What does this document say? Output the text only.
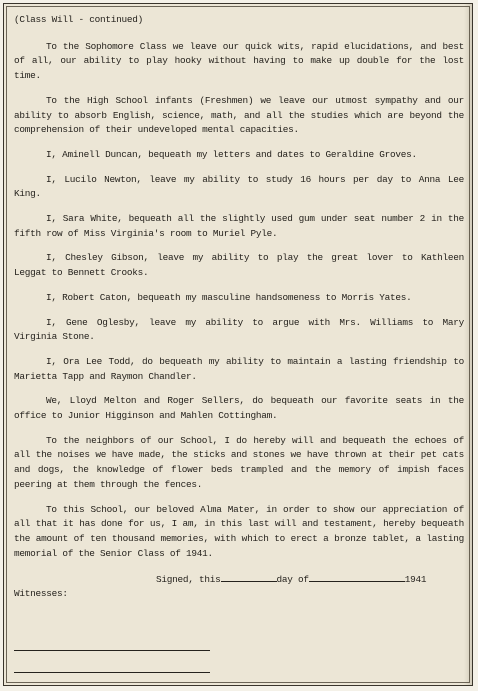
(Class Will - continued)

To the Sophomore Class we leave our quick wits, rapid elucidations, and best of all, our ability to play hooky without having to make up double for the lost time.

To the High School infants (Freshmen) we leave our utmost sympathy and our ability to absorb English, science, math, and all the studies which are beyond the comprehension of their undeveloped mental capacities.

I, Aminell Duncan, bequeath my letters and dates to Geraldine Groves.

I, Lucilo Newton, leave my ability to study 16 hours per day to Anna Lee King.

I, Sara White, bequeath all the slightly used gum under seat number 2 in the fifth row of Miss Virginia's room to Muriel Pyle.

I, Chesley Gibson, leave my ability to play the great lover to Kathleen Leggat to Bennett Crooks.

I, Robert Caton, bequeath my masculine handsomeness to Morris Yates.

I, Gene Oglesby, leave my ability to argue with Mrs. Williams to Mary Virginia Stone.

I, Ora Lee Todd, do bequeath my ability to maintain a lasting friendship to Marietta Tapp and Raymon Chandler.

We, Lloyd Melton and Roger Sellers, do bequeath our favorite seats in the office to Junior Higginson and Mahlen Cottingham.

To the neighbors of our School, I do hereby will and bequeath the echoes of all the noises we have made, the sticks and stones we have thrown at their pet cats and dogs, the knowledge of flower beds trampled and the memory of impish faces peering at them through the fences.

To this School, our beloved Alma Mater, in order to show our appreciation of all that it has done for us, I am, in this last will and testament, hereby bequeath the amount of ten thousand memories, with which to erect a bronze tablet, a lasting memorial of the Senior Class of 1941.

Signed, this	day of	1941
Witnesses:
